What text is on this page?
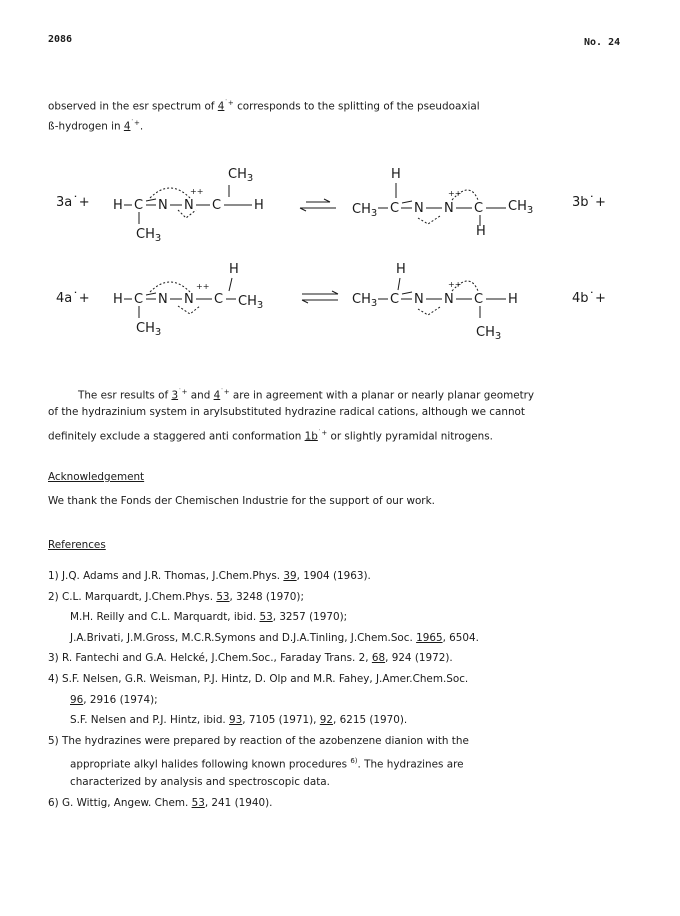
2086	No. 24
observed in the esr spectrum of 4˙+ corresponds to the splitting of the pseudoaxial
ß-hydrogen in 4˙+.
3a˙+	3b˙+
4a˙+	4b˙+
H C N N
++
C	H
$CH_3$
$CH_3$
$CH_3$ C N N
++
C $CH_3$
H
H
H C N N
++
C $CH_3$
H
$CH_3$
$CH_3$ C N N
++
C H
H
$CH_3$
The esr results of 3˙+ and 4˙+ are in agreement with a planar or nearly planar geometry
of the hydrazinium system in arylsubstituted hydrazine radical cations, although we cannot
definitely exclude a staggered anti conformation 1b˙+ or slightly pyramidal nitrogens.
Acknowledgement
We thank the Fonds der Chemischen Industrie for the support of our work.
References
1) J.Q. Adams and J.R. Thomas, J.Chem.Phys. 39, 1904 (1963).
2) C.L. Marquardt, J.Chem.Phys. 53, 3248 (1970);
M.H. Reilly and C.L. Marquardt, ibid. 53, 3257 (1970);
J.A.Brivati, J.M.Gross, M.C.R.Symons and D.J.A.Tinling, J.Chem.Soc. 1965, 6504.
3) R. Fantechi and G.A. Helcké, J.Chem.Soc., Faraday Trans. 2, 68, 924 (1972).
4) S.F. Nelsen, G.R. Weisman, P.J. Hintz, D. Olp and M.R. Fahey, J.Amer.Chem.Soc.
96, 2916 (1974);
S.F. Nelsen and P.J. Hintz, ibid. 93, 7105 (1971), 92, 6215 (1970).
5) The hydrazines were prepared by reaction of the azobenzene dianion with the
appropriate alkyl halides following known procedures $^{6)}$. The hydrazines are
characterized by analysis and spectroscopic data.
6) G. Wittig, Angew. Chem. 53, 241 (1940).
